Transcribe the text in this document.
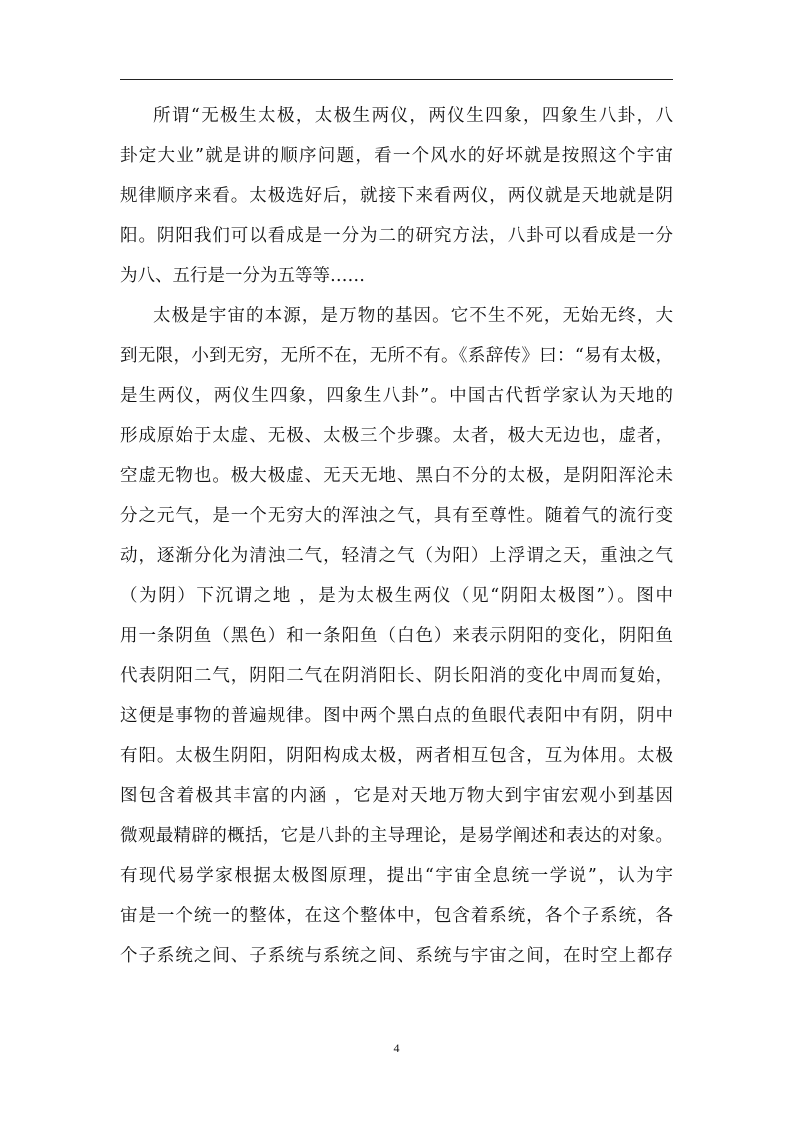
所谓“无极生太极，太极生两仪，两仪生四象，四象生八卦，八
卦定大业”就是讲的顺序问题，看一个风水的好坏就是按照这个宇宙
规律顺序来看。太极选好后，就接下来看两仪，两仪就是天地就是阴
阳。阴阳我们可以看成是一分为二的研究方法，八卦可以看成是一分
为八、五行是一分为五等等……
太极是宇宙的本源，是万物的基因。它不生不死，无始无终，大
到无限，小到无穷，无所不在，无所不有。《系辞传》曰：“易有太极，
是生两仪，两仪生四象，四象生八卦”。中国古代哲学家认为天地的
形成原始于太虚、无极、太极三个步骤。太者，极大无边也，虚者，
空虚无物也。极大极虚、无天无地、黑白不分的太极，是阴阳浑沦未
分之元气，是一个无穷大的浑浊之气，具有至尊性。随着气的流行变
动，逐渐分化为清浊二气，轻清之气（为阳）上浮谓之天，重浊之气
（为阴）下沉谓之地 ，是为太极生两仪（见“阴阳太极图”）。图中
用一条阴鱼（黑色）和一条阳鱼（白色）来表示阴阳的变化，阴阳鱼
代表阴阳二气，阴阳二气在阴消阳长、阴长阳消的变化中周而复始，
这便是事物的普遍规律。图中两个黑白点的鱼眼代表阳中有阴，阴中
有阳。太极生阴阳，阴阳构成太极，两者相互包含，互为体用。太极
图包含着极其丰富的内涵 ，它是对天地万物大到宇宙宏观小到基因
微观最精辟的概括，它是八卦的主导理论，是易学阐述和表达的对象。
有现代易学家根据太极图原理，提出“宇宙全息统一学说”，认为宇
宙是一个统一的整体，在这个整体中，包含着系统，各个子系统，各
个子系统之间、子系统与系统之间、系统与宇宙之间，在时空上都存
4
